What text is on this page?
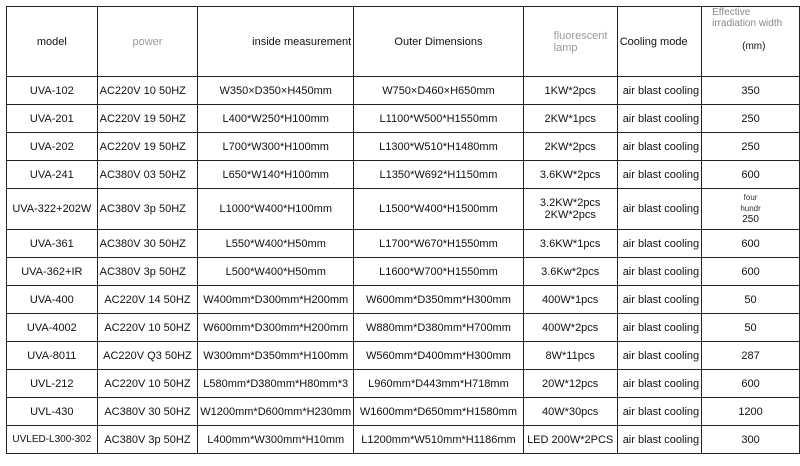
model	power	inside measurement	Outer Dimensions	fluorescent lamp	Cooling mode	Effective
irradiation width
(mm)

UVA-102	AC220V 10 50HZ	W350×D350×H450mm	W750×D460×H650mm	1KW*2pcs	air blast cooling	350
UVA-201	AC220V 19 50HZ	L400*W250*H100mm	L1100*W500*H1550mm	2KW*1pcs	air blast cooling	250
UVA-202	AC220V 19 50HZ	L700*W300*H100mm	L1300*W510*H1480mm	2KW*2pcs	air blast cooling	250
UVA-241	AC380V 03 50HZ	L650*W140*H100mm	L1350*W692*H1150mm	3.6KW*2pcs	air blast cooling	600
UVA-322+202W	AC380V 3p 50HZ	L1000*W400*H100mm	L1500*W400*H1500mm	3.2KW*2pcs
2KW*2pcs	air blast cooling	four
hundr
250

UVA-361	AC380V 30 50HZ	L550*W400*H50mm	L1700*W670*H1550mm	3.6KW*1pcs	air blast cooling	600
UVA-362+IR	AC380V 3p 50HZ	L500*W400*H50mm	L1600*W700*H1550mm	3.6Kw*2pcs	air blast cooling	600
UVA-400	AC220V 14 50HZ	W400mm*D300mm*H200mm	W600mm*D350mm*H300mm	400W*1pcs	air blast cooling	50
UVA-4002	AC220V 10 50HZ	W600mm*D300mm*H200mm	W880mm*D380mm*H700mm	400W*2pcs	air blast cooling	50
UVA-8011	AC220V Q3 50HZ	W300mm*D350mm*H100mm	W560mm*D400mm*H300mm	8W*11pcs	air blast cooling	287
UVL-212	AC220V 10 50HZ	L580mm*D380mm*H80mm*3	L960mm*D443mm*H718mm	20W*12pcs	air blast cooling	600
UVL-430	AC380V 30 50HZ	W1200mm*D600mm*H230mm	W1600mm*D650mm*H1580mm	40W*30pcs	air blast cooling	1200
UVLED-L300-302	AC380V 3p 50HZ	L400mm*W300mm*H10mm	L1200mm*W510mm*H1186mm	LED 200W*2PCS	air blast cooling	300
